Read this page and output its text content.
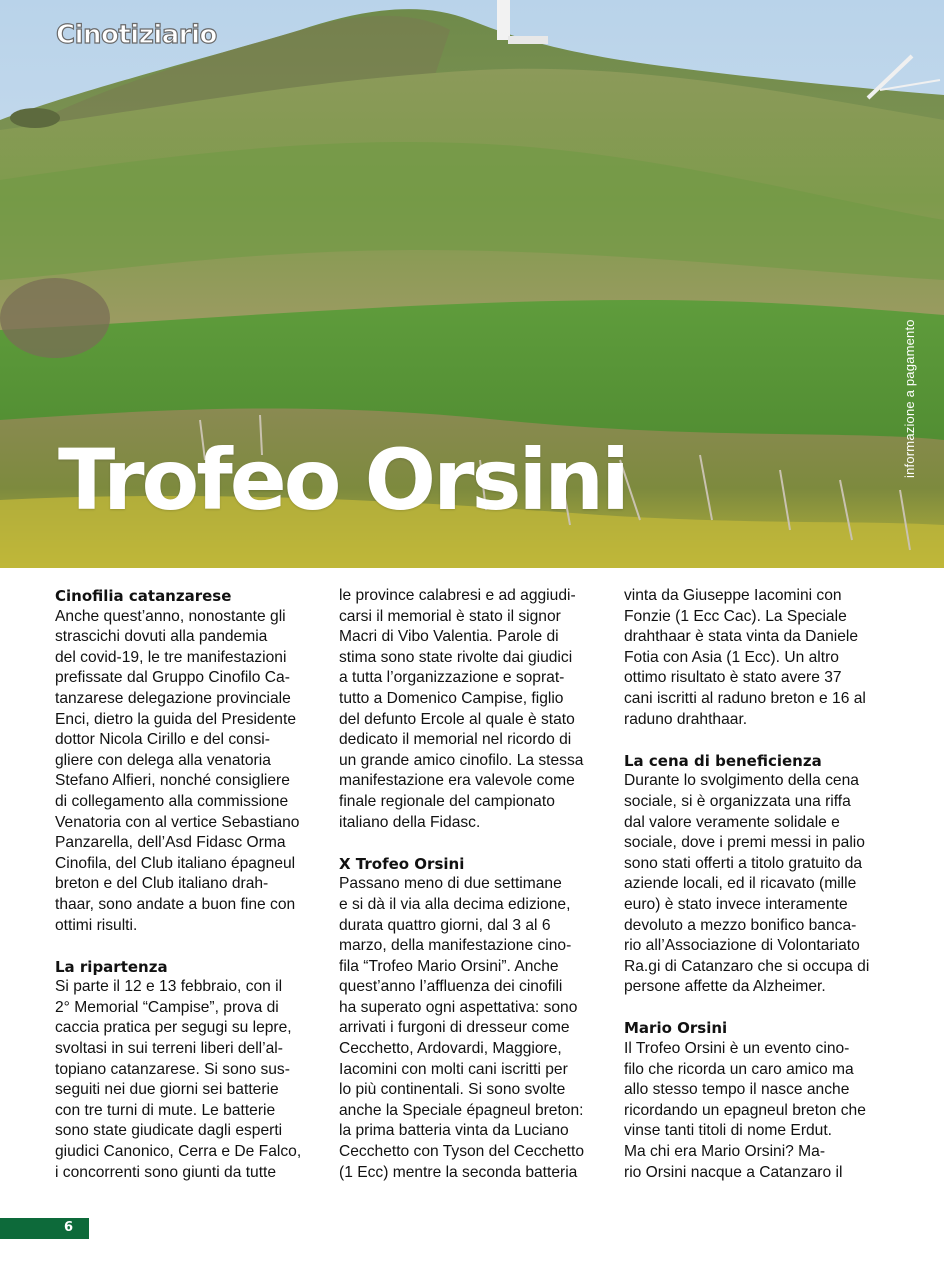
Cinotiziario
Trofeo Orsini
informazione a pagamento
Cinofilia catanzarese
Anche quest’anno, nonostante gli
strascichi dovuti alla pandemia
del covid-19, le tre manifestazioni
prefissate dal Gruppo Cinofilo Ca-
tanzarese delegazione provinciale
Enci, dietro la guida del Presidente
dottor Nicola Cirillo e del consi-
gliere con delega alla venatoria
Stefano Alfieri, nonché consigliere
di collegamento alla commissione
Venatoria con al vertice Sebastiano
Panzarella, dell’Asd Fidasc Orma
Cinofila, del Club italiano épagneul
breton e del Club italiano drah-
thaar, sono andate a buon fine con
ottimi risulti.
La ripartenza
Si parte il 12 e 13 febbraio, con il
2° Memorial “Campise”, prova di
caccia pratica per segugi su lepre,
svoltasi in sui terreni liberi dell’al-
topiano catanzarese. Si sono sus-
seguiti nei due giorni sei batterie
con tre turni di mute. Le batterie
sono state giudicate dagli esperti
giudici Canonico, Cerra e De Falco,
i concorrenti sono giunti da tutte
le province calabresi e ad aggiudi-
carsi il memorial è stato il signor
Macri di Vibo Valentia. Parole di
stima sono state rivolte dai giudici
a tutta l’organizzazione e soprat-
tutto a Domenico Campise, figlio
del defunto Ercole al quale è stato
dedicato il memorial nel ricordo di
un grande amico cinofilo. La stessa
manifestazione era valevole come
finale regionale del campionato
italiano della Fidasc.
X Trofeo Orsini
Passano meno di due settimane
e si dà il via alla decima edizione,
durata quattro giorni, dal 3 al 6
marzo, della manifestazione cino-
fila “Trofeo Mario Orsini”. Anche
quest’anno l’affluenza dei cinofili
ha superato ogni aspettativa: sono
arrivati i furgoni di dresseur come
Cecchetto, Ardovardi, Maggiore,
Iacomini con molti cani iscritti per
lo più continentali. Si sono svolte
anche la Speciale épagneul breton:
la prima batteria vinta da Luciano
Cecchetto con Tyson del Cecchetto
(1 Ecc) mentre la seconda batteria
vinta da Giuseppe Iacomini con
Fonzie (1 Ecc Cac). La Speciale
drahthaar è stata vinta da Daniele
Fotia con Asia (1 Ecc). Un altro
ottimo risultato è stato avere 37
cani iscritti al raduno breton e 16 al
raduno drahthaar.
La cena di beneficienza
Durante lo svolgimento della cena
sociale, si è organizzata una riffa
dal valore veramente solidale e
sociale, dove i premi messi in palio
sono stati offerti a titolo gratuito da
aziende locali, ed il ricavato (mille
euro) è stato invece interamente
devoluto a mezzo bonifico banca-
rio all’Associazione di Volontariato
Ra.gi di Catanzaro che si occupa di
persone affette da Alzheimer.
Mario Orsini
Il Trofeo Orsini è un evento cino-
filo che ricorda un caro amico ma
allo stesso tempo il nasce anche
ricordando un epagneul breton che
vinse tanti titoli di nome Erdut.
Ma chi era Mario Orsini? Ma-
rio Orsini nacque a Catanzaro il
6
